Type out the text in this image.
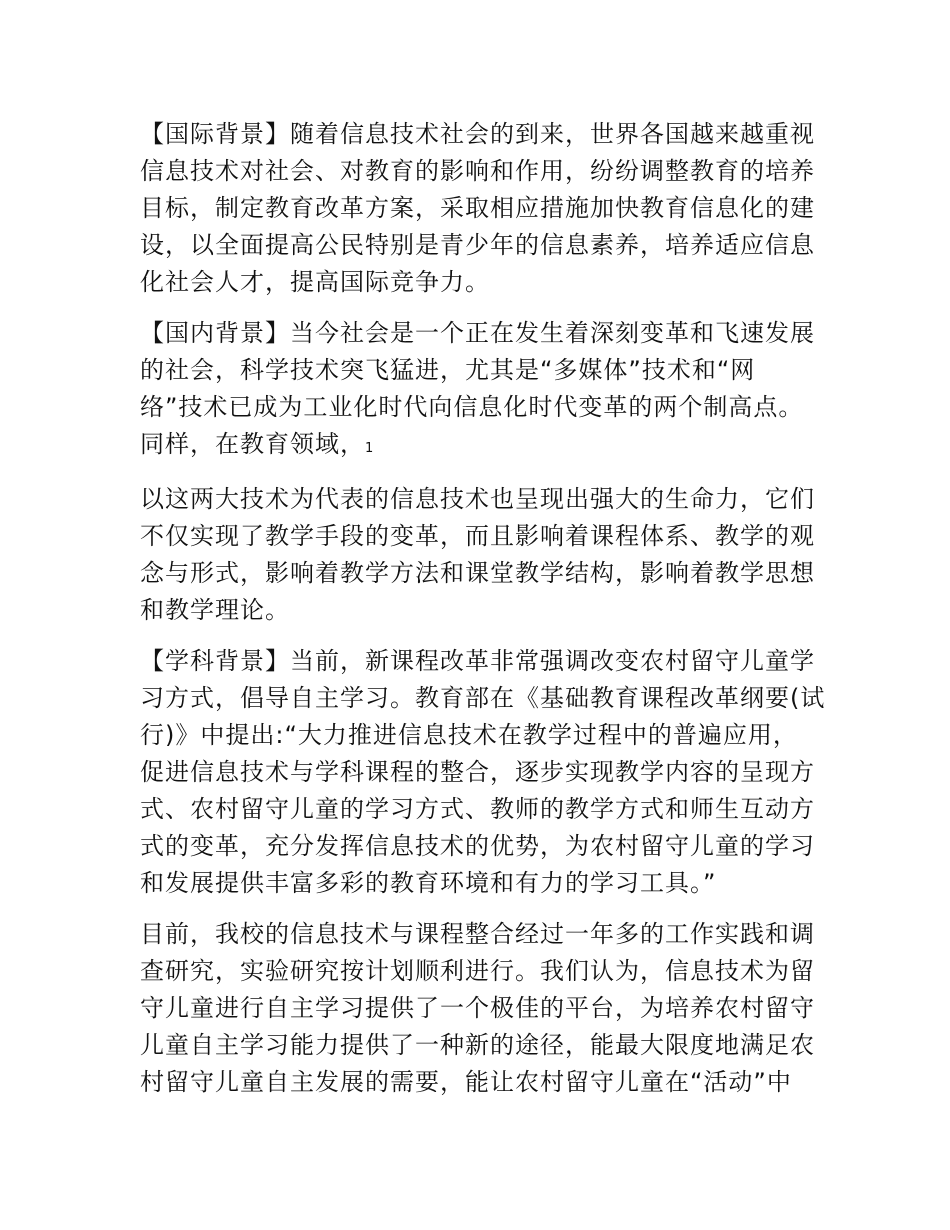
【国际背景】随着信息技术社会的到来，世界各国越来越重视
信息技术对社会、对教育的影响和作用，纷纷调整教育的培养
目标，制定教育改革方案，采取相应措施加快教育信息化的建
设，以全面提高公民特别是青少年的信息素养，培养适应信息
化社会人才，提高国际竞争力。

【国内背景】当今社会是一个正在发生着深刻变革和飞速发展
的社会，科学技术突飞猛进，尤其是“多媒体”技术和“网
络”技术已成为工业化时代向信息化时代变革的两个制高点。
同样，在教育领域，1

以这两大技术为代表的信息技术也呈现出强大的生命力，它们
不仅实现了教学手段的变革，而且影响着课程体系、教学的观
念与形式，影响着教学方法和课堂教学结构，影响着教学思想
和教学理论。

【学科背景】当前，新课程改革非常强调改变农村留守儿童学
习方式，倡导自主学习。教育部在《基础教育课程改革纲要(试
行)》中提出:“大力推进信息技术在教学过程中的普遍应用，
促进信息技术与学科课程的整合，逐步实现教学内容的呈现方
式、农村留守儿童的学习方式、教师的教学方式和师生互动方
式的变革，充分发挥信息技术的优势，为农村留守儿童的学习
和发展提供丰富多彩的教育环境和有力的学习工具。”

目前，我校的信息技术与课程整合经过一年多的工作实践和调
查研究，实验研究按计划顺利进行。我们认为，信息技术为留
守儿童进行自主学习提供了一个极佳的平台，为培养农村留守
儿童自主学习能力提供了一种新的途径，能最大限度地满足农
村留守儿童自主发展的需要，能让农村留守儿童在“活动”中
